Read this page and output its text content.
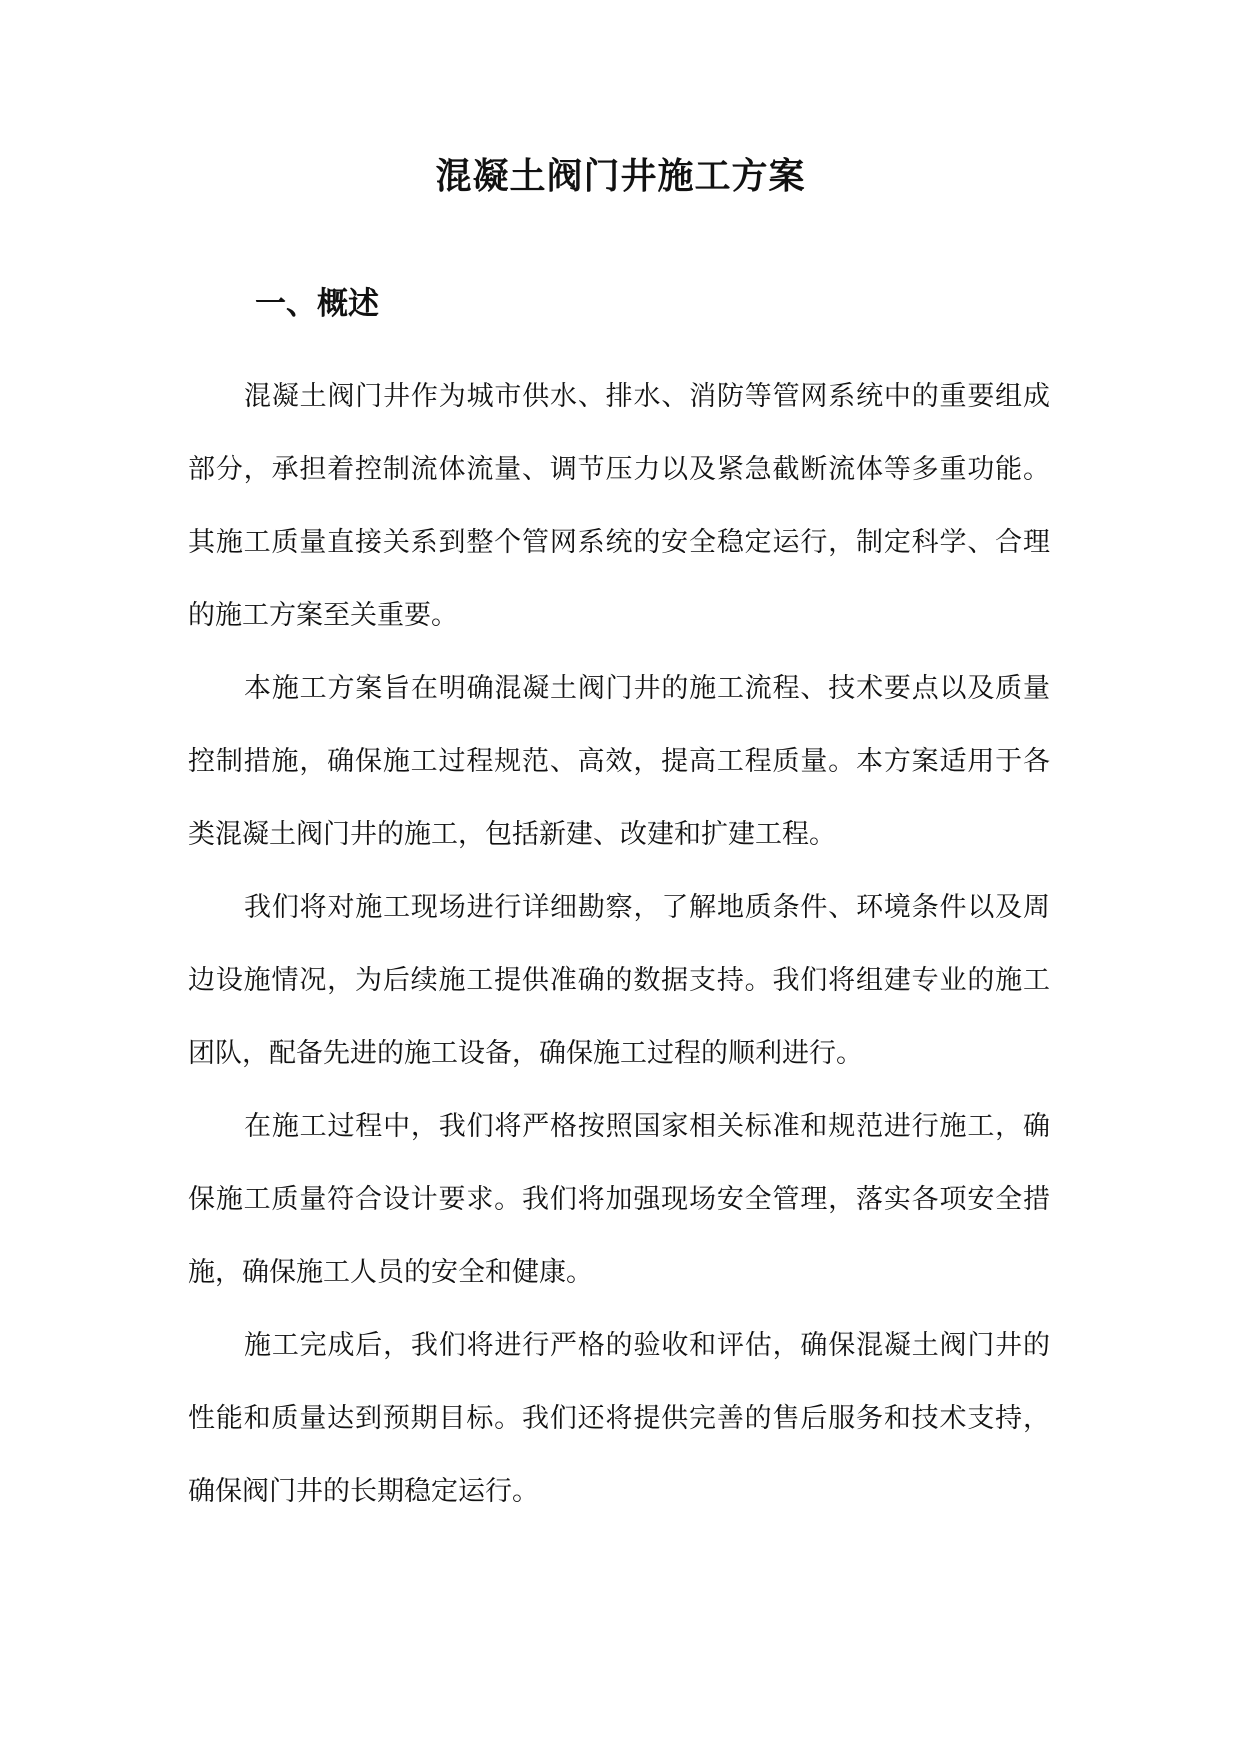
混凝土阀门井施工方案
一、概述

混凝土阀门井作为城市供水、排水、消防等管网系统中的重要组成部分，承担着控制流体流量、调节压力以及紧急截断流体等多重功能。其施工质量直接关系到整个管网系统的安全稳定运行，制定科学、合理的施工方案至关重要。

本施工方案旨在明确混凝土阀门井的施工流程、技术要点以及质量控制措施，确保施工过程规范、高效，提高工程质量。本方案适用于各类混凝土阀门井的施工，包括新建、改建和扩建工程。

我们将对施工现场进行详细勘察，了解地质条件、环境条件以及周边设施情况，为后续施工提供准确的数据支持。我们将组建专业的施工团队，配备先进的施工设备，确保施工过程的顺利进行。

在施工过程中，我们将严格按照国家相关标准和规范进行施工，确保施工质量符合设计要求。我们将加强现场安全管理，落实各项安全措施，确保施工人员的安全和健康。

施工完成后，我们将进行严格的验收和评估，确保混凝土阀门井的性能和质量达到预期目标。我们还将提供完善的售后服务和技术支持，确保阀门井的长期稳定运行。
